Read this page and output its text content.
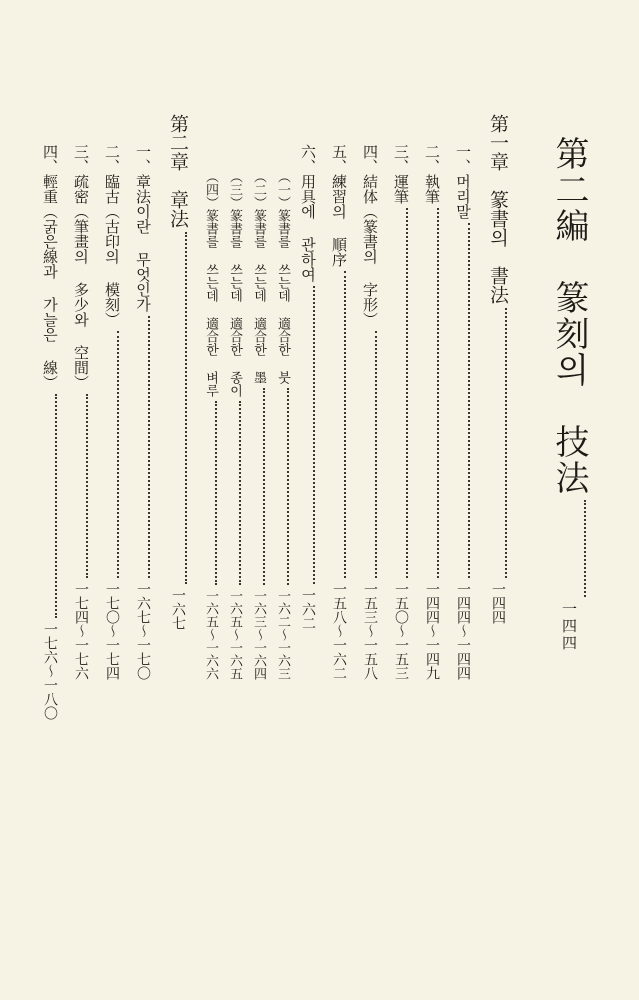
第二編　篆刻의　技法
一四四
第一章　篆書의　書法
一四四
一、머리말
一四四～一四四
二、執筆
一四四～一四九
三、運筆
一五〇～一五三
四、結体（篆書의 字形）
一五三～一五八
五、練習의 順序
一五八～一六二
六、用具에 관하여
一六二
（一）篆書를 쓰는데 適合한 붓
一六二～一六三
（二）篆書를 쓰는데 適合한 墨
一六三～一六四
（三）篆書를 쓰는데 適合한 종이
一六五～一六五
（四）篆書를 쓰는데 適合한 벼루
一六五～一六六
第二章　章法
一六七
一、章法이란 무엇인가
一六七～一七〇
二、臨古（古印의 模刻）
一七〇～一七四
三、疏密（筆畫의 多少와 空間）
一七四～一七六
四、輕重（굵은線과 가늘은 線）
一七六～一八〇
